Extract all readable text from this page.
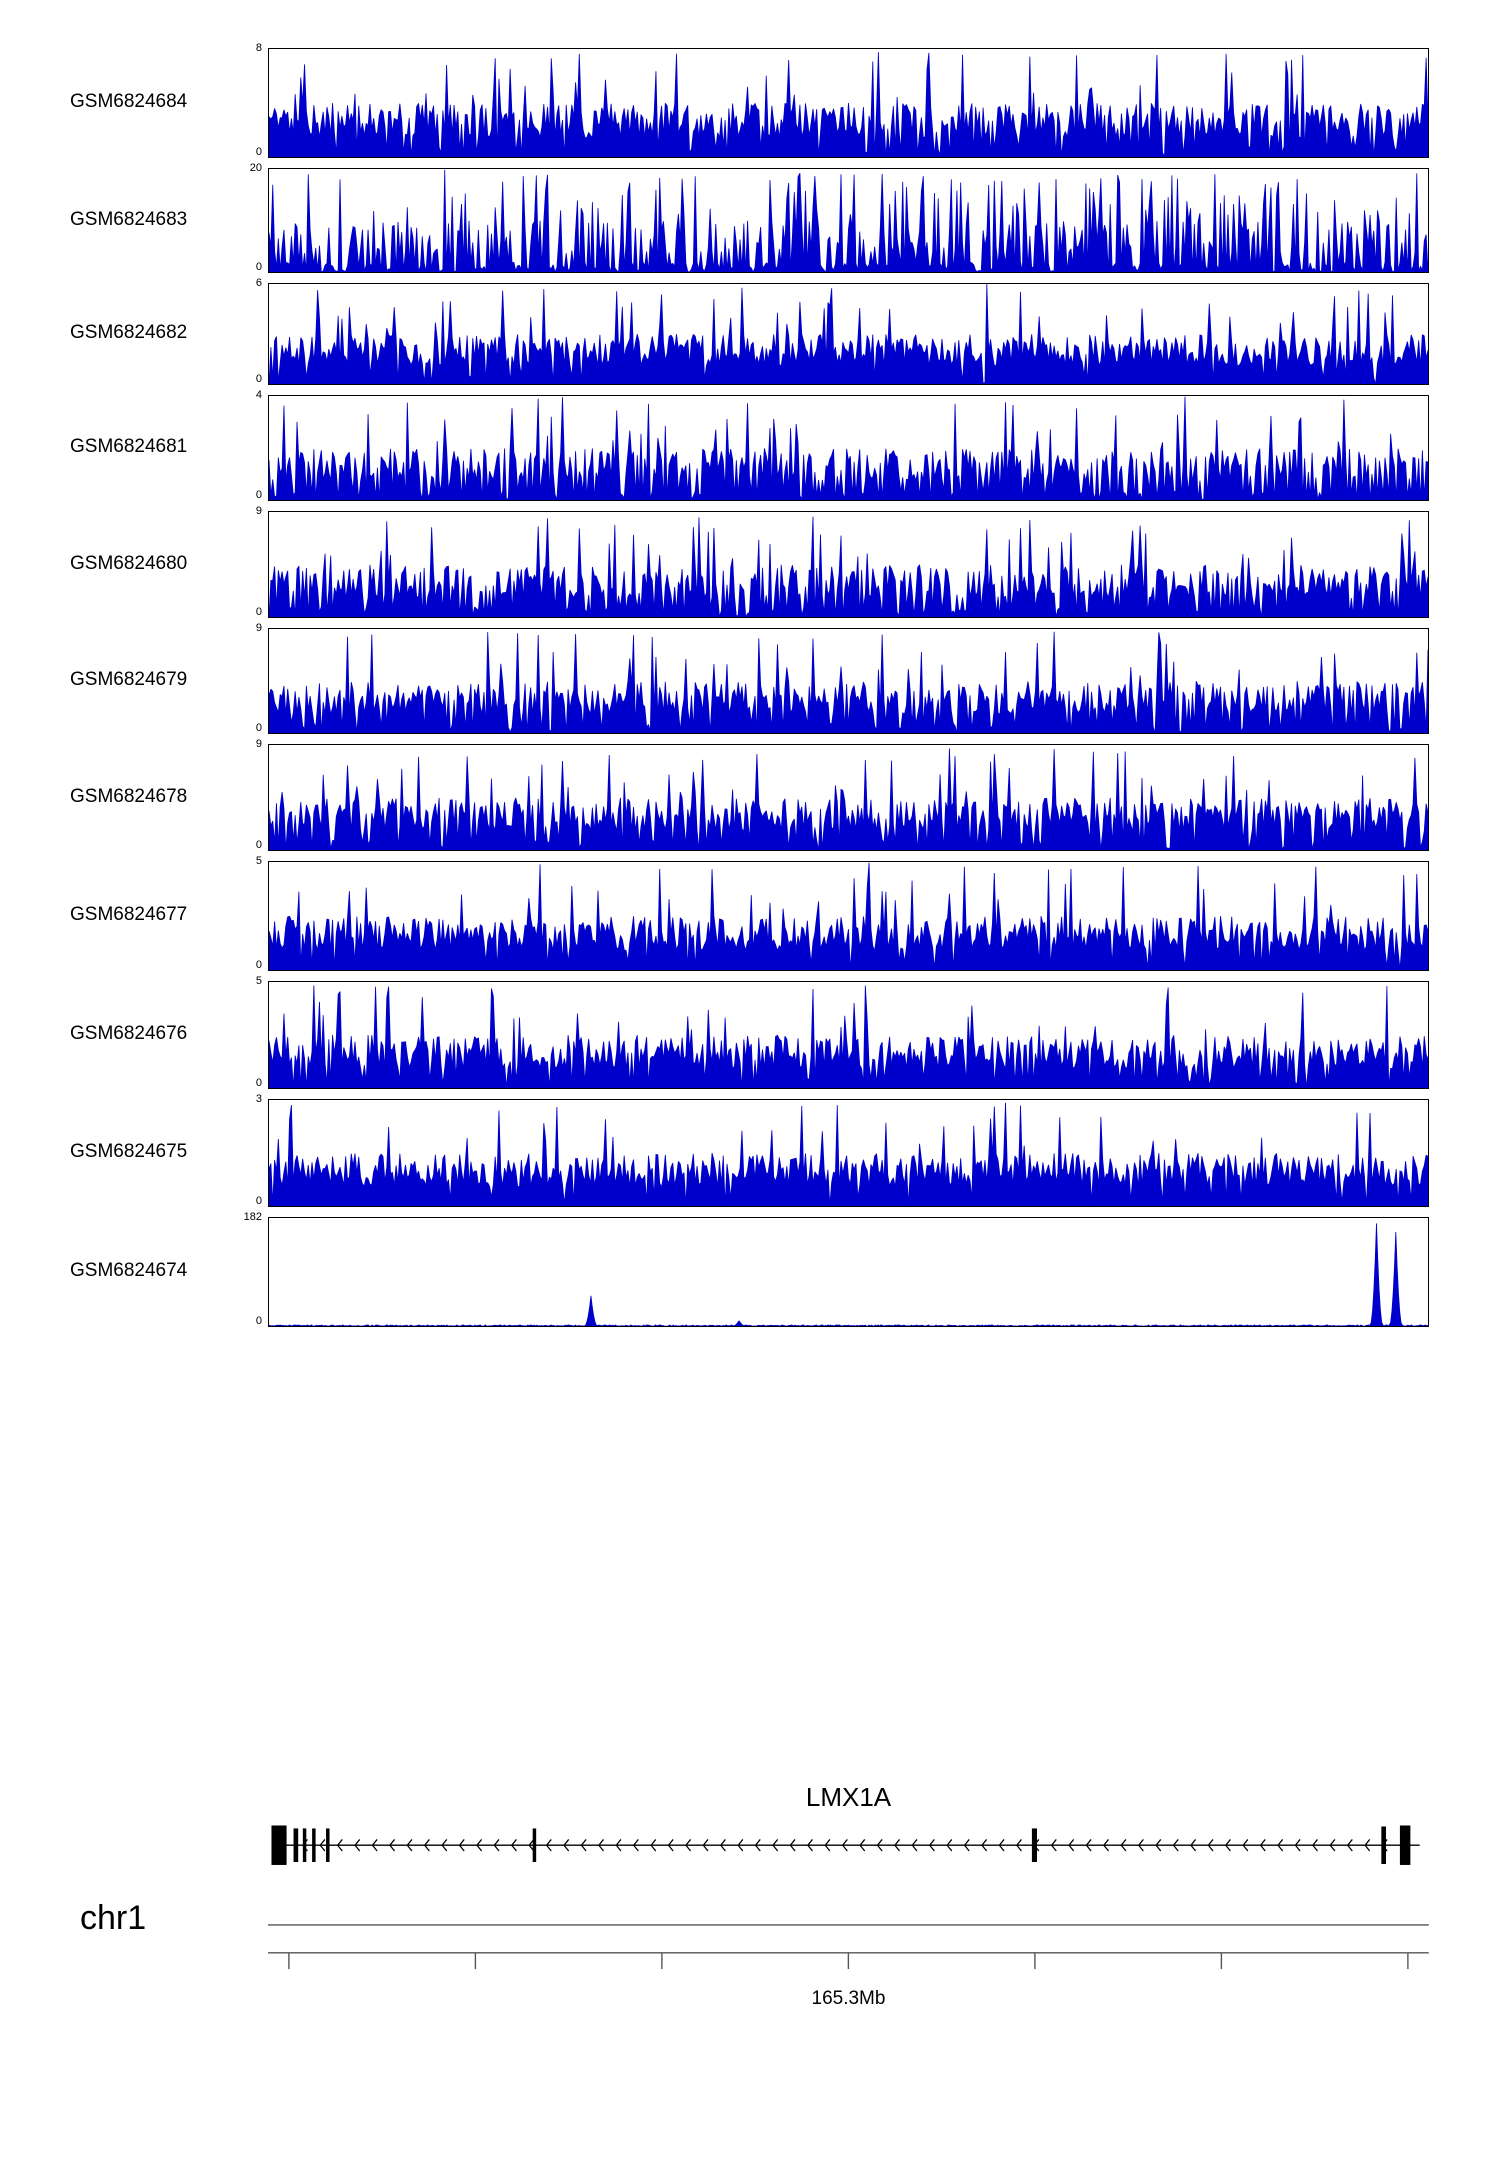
GSM6824684
8
0
GSM6824683
20
0
GSM6824682
6
0
GSM6824681
4
0
GSM6824680
9
0
GSM6824679
9
0
GSM6824678
9
0
GSM6824677
5
0
GSM6824676
5
0
GSM6824675
3
0
GSM6824674
182
0
LMX1A
chr1
165.3Mb
